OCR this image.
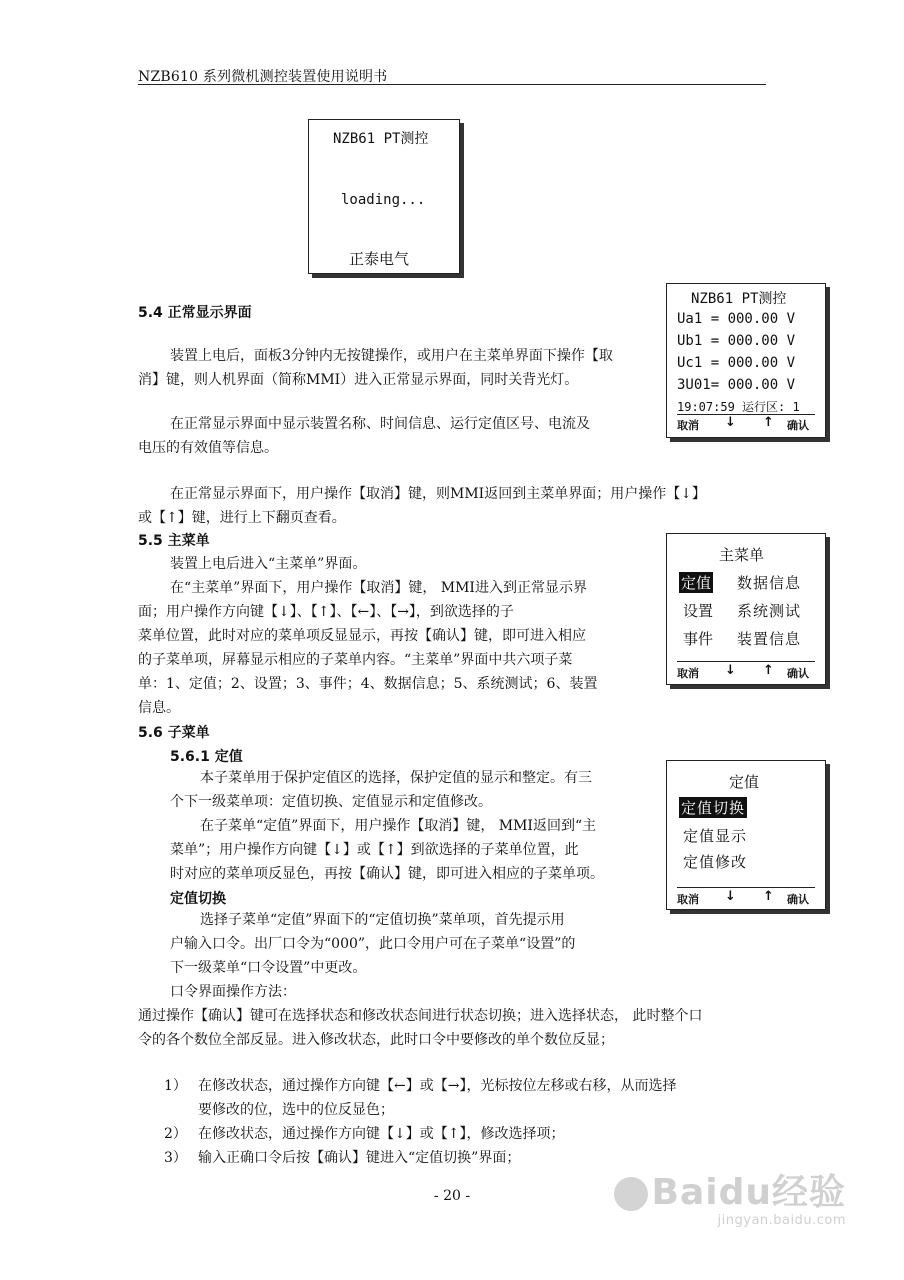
NZB610 系列微机测控装置使用说明书
NZB61 PT测控
loading...
正泰电气
5.4 正常显示界面
装置上电后，面板3分钟内无按键操作，或用户在主菜单界面下操作【取
消】键，则人机界面（简称MMI）进入正常显示界面，同时关背光灯。
在正常显示界面中显示装置名称、时间信息、运行定值区号、电流及
电压的有效值等信息。
在正常显示界面下，用户操作【取消】键，则MMI返回到主菜单界面；用户操作【↓】
或【↑】键，进行上下翻页查看。
NZB61 PT测控
Ua1 = 000.00 V
Ub1 = 000.00 V
Uc1 = 000.00 V
3U01= 000.00 V
19:07:59 运行区: 1
取消 ↓ ↑ 确认
5.5 主菜单
装置上电后进入“主菜单”界面。
在“主菜单”界面下，用户操作【取消】键， MMI进入到正常显示界
面；用户操作方向键【↓】、【↑】、【←】、【→】，到欲选择的子
菜单位置，此时对应的菜单项反显显示，再按【确认】键，即可进入相应
的子菜单项，屏幕显示相应的子菜单内容。“主菜单”界面中共六项子菜
单：1、定值；2、设置；3、事件；4、数据信息；5、系统测试；6、装置
信息。
主菜单
定值 数据信息
设置 系统测试
事件 装置信息
取消 ↓ ↑ 确认
5.6 子菜单
5.6.1 定值
本子菜单用于保护定值区的选择，保护定值的显示和整定。有三
个下一级菜单项：定值切换、定值显示和定值修改。
在子菜单“定值”界面下，用户操作【取消】键， MMI返回到“主
菜单”；用户操作方向键【↓】或【↑】到欲选择的子菜单位置，此
时对应的菜单项反显色，再按【确认】键，即可进入相应的子菜单项。
定值切换
选择子菜单“定值”界面下的“定值切换”菜单项，首先提示用
户输入口令。出厂口令为“000”，此口令用户可在子菜单“设置”的
下一级菜单“口令设置”中更改。
口令界面操作方法：
通过操作【确认】键可在选择状态和修改状态间进行状态切换；进入选择状态， 此时整个口
令的各个数位全部反显。进入修改状态，此时口令中要修改的单个数位反显；
1） 在修改状态，通过操作方向键【←】或【→】，光标按位左移或右移，从而选择
要修改的位，选中的位反显色；
2） 在修改状态，通过操作方向键【↓】或【↑】，修改选择项；
3） 输入正确口令后按【确认】键进入“定值切换”界面；
定值
定值切换
定值显示
定值修改
取消 ↓ ↑ 确认
- 20 -	Baidu经验
jingyan.baidu.com
